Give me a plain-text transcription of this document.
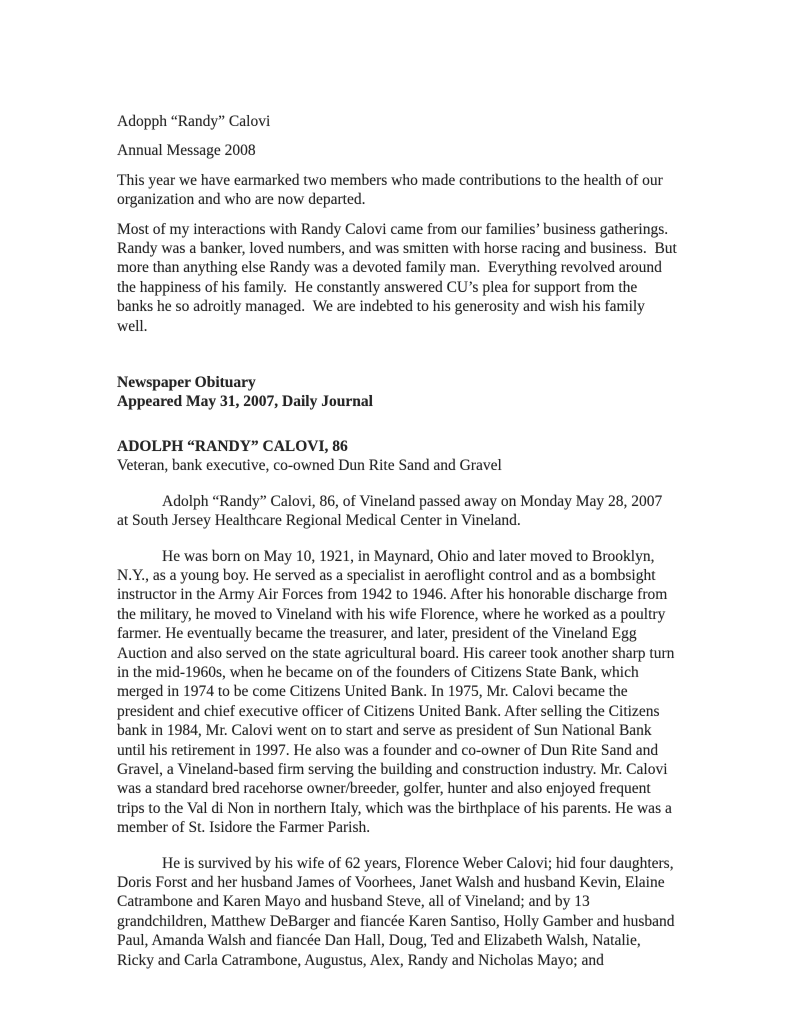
Adopph “Randy” Calovi

Annual Message 2008

This year we have earmarked two members who made contributions to the health of our organization and who are now departed.

Most of my interactions with Randy Calovi came from our families’ business gatherings.  Randy was a banker, loved numbers, and was smitten with horse racing and business.  But more than anything else Randy was a devoted family man.  Everything revolved around the happiness of his family.  He constantly answered CU’s plea for support from the banks he so adroitly managed.  We are indebted to his generosity and wish his family well.

Newspaper Obituary

Appeared May 31, 2007, Daily Journal

ADOLPH “RANDY” CALOVI, 86

Veteran, bank executive, co-owned Dun Rite Sand and Gravel

Adolph “Randy” Calovi, 86, of Vineland passed away on Monday May 28, 2007 at South Jersey Healthcare Regional Medical Center in Vineland.

He was born on May 10, 1921, in Maynard, Ohio and later moved to Brooklyn, N.Y., as a young boy. He served as a specialist in aeroflight control and as a bombsight instructor in the Army Air Forces from 1942 to 1946. After his honorable discharge from the military, he moved to Vineland with his wife Florence, where he worked as a poultry farmer. He eventually became the treasurer, and later, president of the Vineland Egg Auction and also served on the state agricultural board. His career took another sharp turn in the mid-1960s, when he became on of the founders of Citizens State Bank, which merged in 1974 to be come Citizens United Bank. In 1975, Mr. Calovi became the president and chief executive officer of Citizens United Bank. After selling the Citizens bank in 1984, Mr. Calovi went on to start and serve as president of Sun National Bank until his retirement in 1997. He also was a founder and co-owner of Dun Rite Sand and Gravel, a Vineland-based firm serving the building and construction industry. Mr. Calovi was a standard bred racehorse owner/breeder, golfer, hunter and also enjoyed frequent trips to the Val di Non in northern Italy, which was the birthplace of his parents. He was a member of St. Isidore the Farmer Parish.

He is survived by his wife of 62 years, Florence Weber Calovi; hid four daughters, Doris Forst and her husband James of Voorhees, Janet Walsh and husband Kevin, Elaine Catrambone and Karen Mayo and husband Steve, all of Vineland; and by 13 grandchildren, Matthew DeBarger and fiancée Karen Santiso, Holly Gamber and husband Paul, Amanda Walsh and fiancée Dan Hall, Doug, Ted and Elizabeth Walsh, Natalie, Ricky and Carla Catrambone, Augustus, Alex, Randy and Nicholas Mayo; and
